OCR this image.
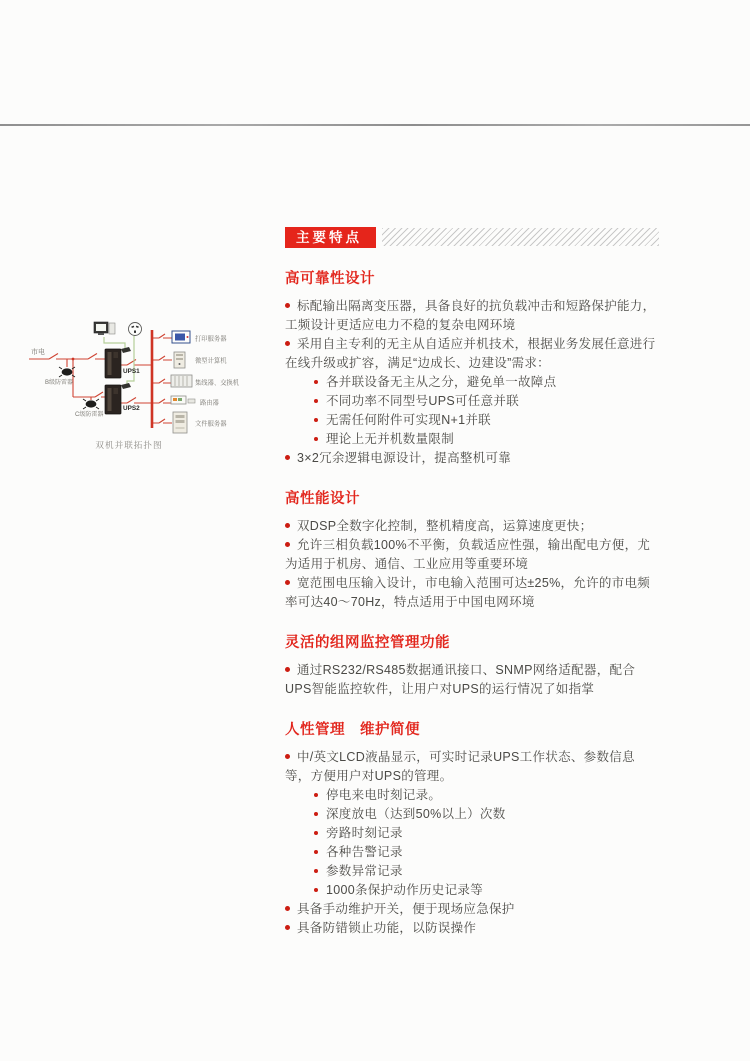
市电
B级防雷器
C级防雷器
UPS1
UPS2
打印服务器
微型计算机
集线器、交换机
路由器
文件服务器
双机并联拓扑图
主要特点
高可靠性设计
标配输出隔离变压器，具备良好的抗负载冲击和短路保护能力，工频设计更适应电力不稳的复杂电网环境
采用自主专利的无主从自适应并机技术，根据业务发展任意进行在线升级或扩容，满足“边成长、边建设”需求：
各并联设备无主从之分，避免单一故障点
不同功率不同型号UPS可任意并联
无需任何附件可实现N+1并联
理论上无并机数量限制
3×2冗余逻辑电源设计，提高整机可靠
高性能设计
双DSP全数字化控制，整机精度高，运算速度更快；
允许三相负载100%不平衡，负载适应性强，输出配电方便，尤为适用于机房、通信、工业应用等重要环境
宽范围电压输入设计，市电输入范围可达±25%，允许的市电频率可达40～70Hz，特点适用于中国电网环境
灵活的组网监控管理功能
通过RS232/RS485数据通讯接口、SNMP网络适配器，配合UPS智能监控软件，让用户对UPS的运行情况了如指掌
人性管理　维护简便
中/英文LCD液晶显示，可实时记录UPS工作状态、参数信息等，方便用户对UPS的管理。
停电来电时刻记录。
深度放电（达到50%以上）次数
旁路时刻记录
各种告警记录
参数异常记录
1000条保护动作历史记录等
具备手动维护开关，便于现场应急保护
具备防错锁止功能，以防误操作
